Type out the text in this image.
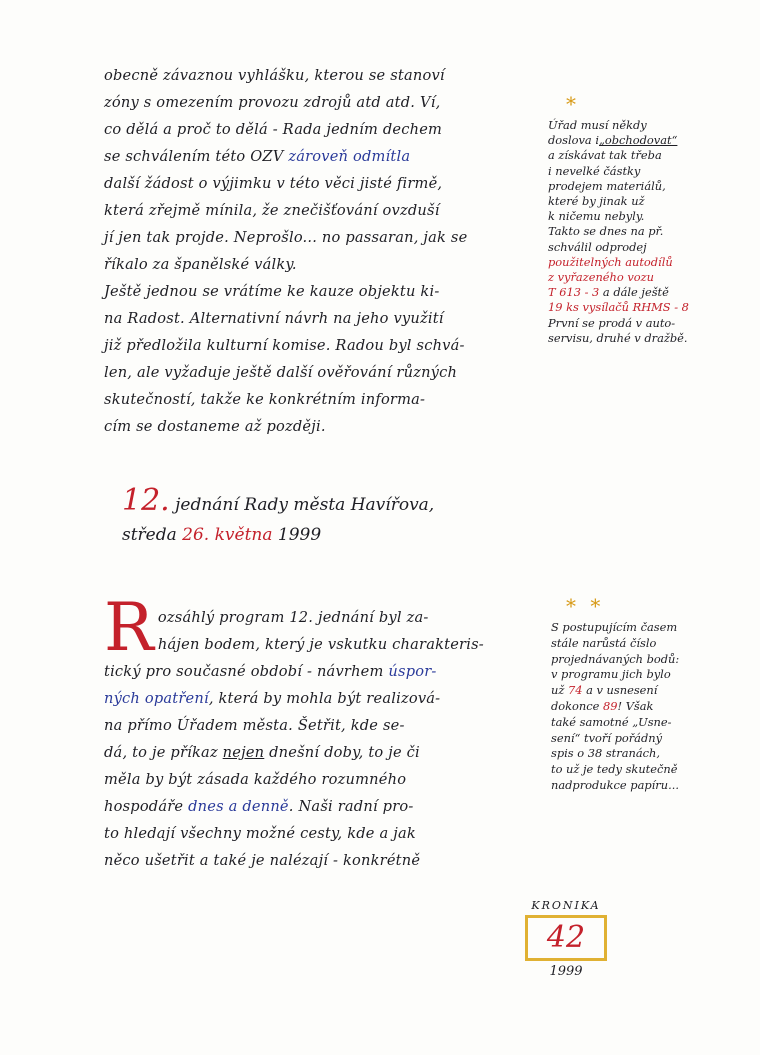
obecně závaznou vyhlášku, kterou se stanoví
zóny s omezením provozu zdrojů atd atd. Ví,
co dělá a proč to dělá - Rada jedním dechem
se schválením této OZV zároveň odmítla
další žádost o výjimku v této věci jisté firmě,
která zřejmě mínila, že znečišťování ovzduší
jí jen tak projde. Neprošlo... no passaran, jak se
říkalo za španělské války.
Ještě jednou se vrátíme ke kauze objektu ki-
na Radost. Alternativní návrh na jeho využití
již předložila kulturní komise. Radou byl schvá-
len, ale vyžaduje ještě další ověřování různých
skutečností, takže ke konkrétním informa-
cím se dostaneme až později.
*
Úřad musí někdy
doslova i„obchodovat“
a získávat tak třeba
i nevelké částky
prodejem materiálů,
které by jinak už
k ničemu nebyly.
Takto se dnes na př.
schválil odprodej
použitelných autodílů
z vyřazeného vozu
T 613 - 3 a dále ještě
19 ks vysílačů RHMS - 8
První se prodá v auto-
servisu, druhé v dražbě.
12. jednání Rady města Havířova,
středa 26. května 1999
R ozsáhlý program 12. jednání byl za-
hájen bodem, který je vskutku charakteris-
tický pro současné období - návrhem úspor-
ných opatření, která by mohla být realizová-
na přímo Úřadem města. Šetřit, kde se-
dá, to je příkaz nejen dnešní doby, to je či
měla by být zásada každého rozumného
hospodáře dnes a denně. Naši radní pro-
to hledají všechny možné cesty, kde a jak
něco ušetřit a také je nalézají - konkrétně
* *
S postupujícím časem
stále narůstá číslo
projednávaných bodů:
v programu jich bylo
už 74 a v usnesení
dokonce 89! Však
také samotné „Usne-
sení“ tvoří pořádný
spis o 38 stranách,
to už je tedy skutečně
nadprodukce papíru...
KRONIKA
42
1999
